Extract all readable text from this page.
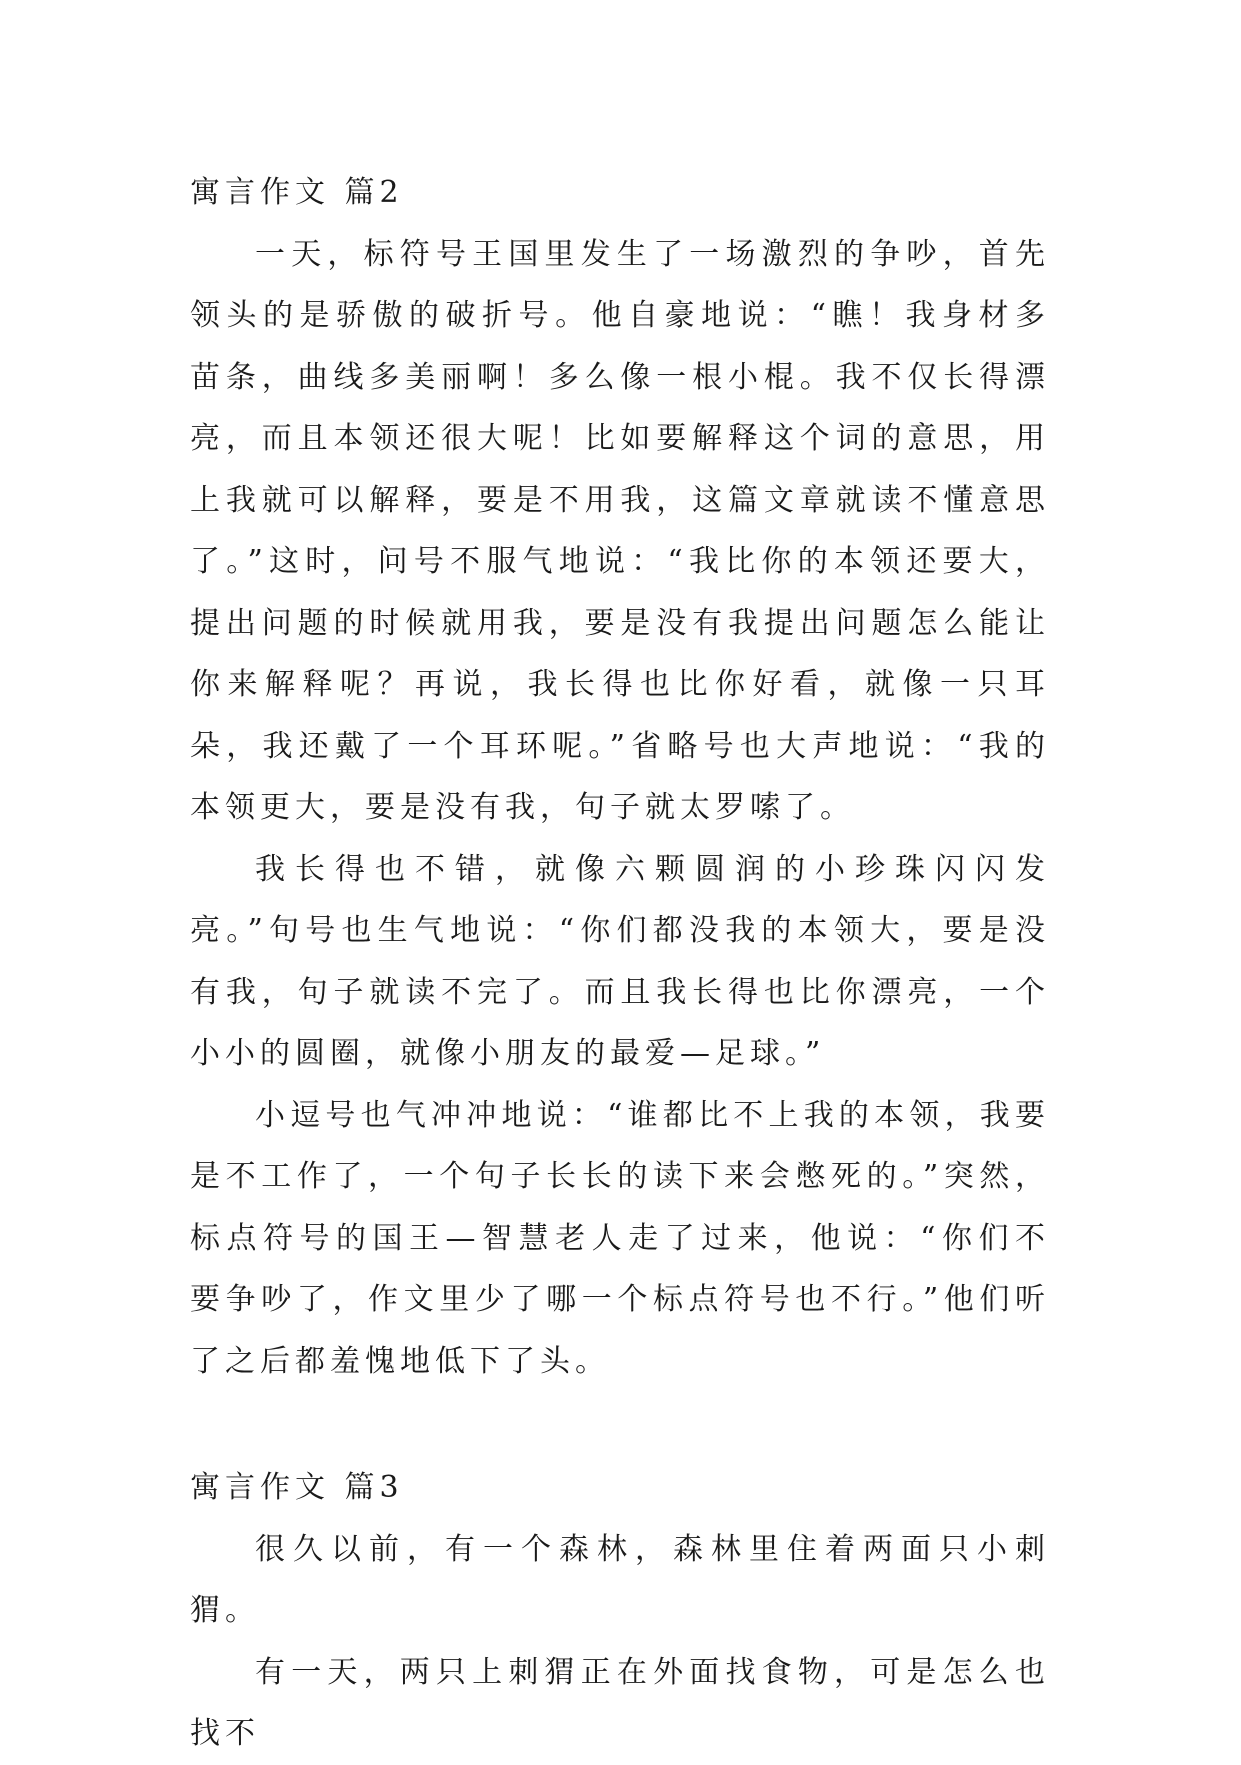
寓言作文 篇2

一天，标符号王国里发生了一场激烈的争吵，首先领头的是骄傲的破折号。他自豪地说：“瞧！我身材多苗条，曲线多美丽啊！多么像一根小棍。我不仅长得漂亮，而且本领还很大呢！比如要解释这个词的意思，用上我就可以解释，要是不用我，这篇文章就读不懂意思了。”这时，问号不服气地说：“我比你的本领还要大，提出问题的时候就用我，要是没有我提出问题怎么能让你来解释呢？再说，我长得也比你好看，就像一只耳朵，我还戴了一个耳环呢。”省略号也大声地说：“我的本领更大，要是没有我，句子就太罗嗦了。

我长得也不错，就像六颗圆润的小珍珠闪闪发亮。”句号也生气地说：“你们都没我的本领大，要是没有我，句子就读不完了。而且我长得也比你漂亮，一个小小的圆圈，就像小朋友的最爱—足球。”

小逗号也气冲冲地说：“谁都比不上我的本领，我要是不工作了，一个句子长长的读下来会憋死的。”突然，标点符号的国王—智慧老人走了过来，他说：“你们不要争吵了，作文里少了哪一个标点符号也不行。”他们听了之后都羞愧地低下了头。

寓言作文 篇3

很久以前，有一个森林，森林里住着两面只小刺猬。

有一天，两只上刺猬正在外面找食物，可是怎么也找不
